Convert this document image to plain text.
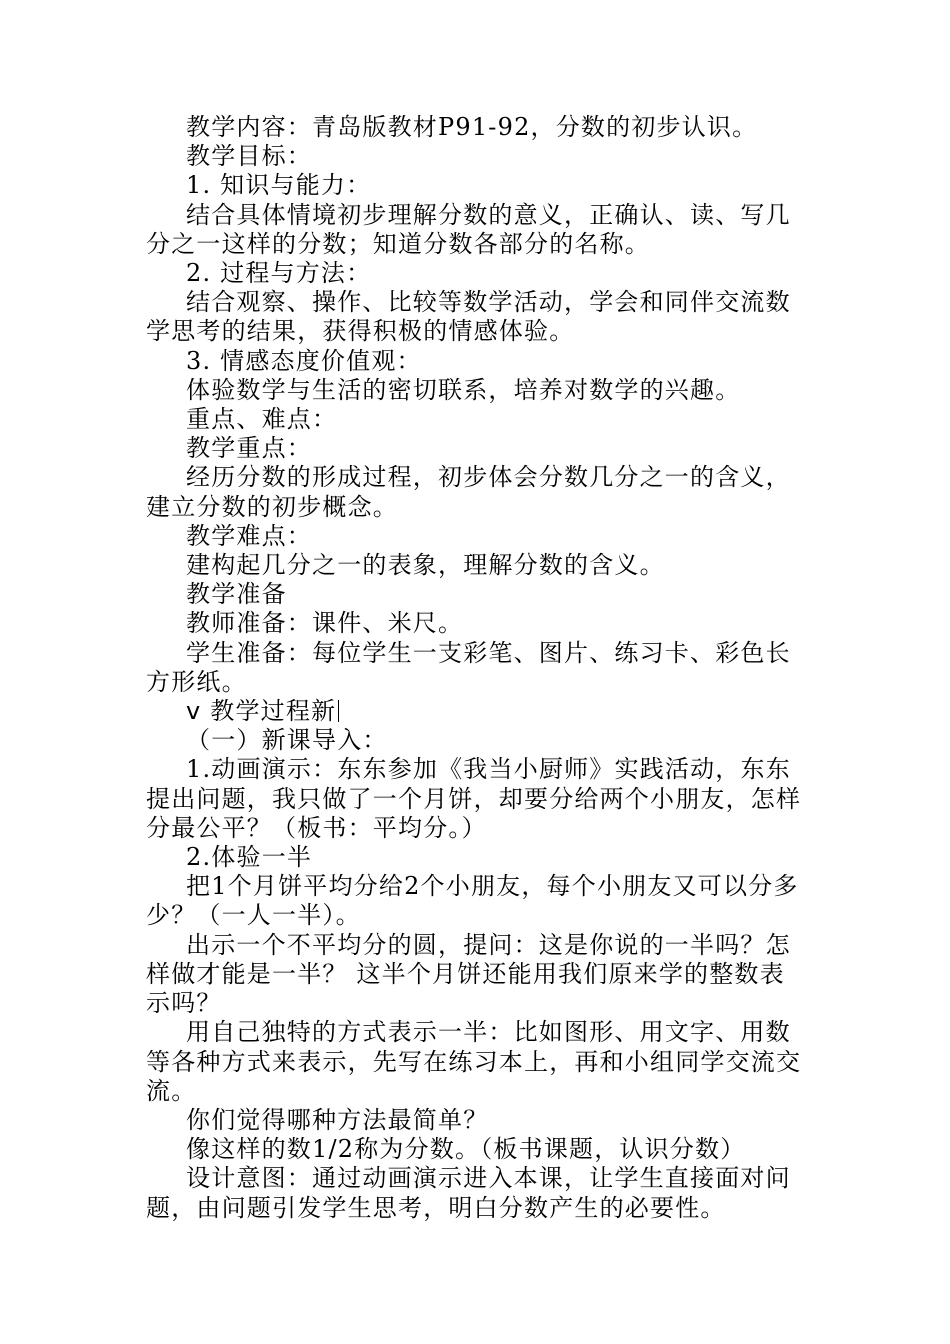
教学内容：青岛版教材P91-92，分数的初步认识。

教学目标：

1. 知识与能力：

结合具体情境初步理解分数的意义，正确认、读、写几分之一这样的分数；知道分数各部分的名称。

2. 过程与方法：

结合观察、操作、比较等数学活动，学会和同伴交流数学思考的结果，获得积极的情感体验。

3. 情感态度价值观：

体验数学与生活的密切联系，培养对数学的兴趣。

重点、难点：

教学重点：

经历分数的形成过程，初步体会分数几分之一的含义，建立分数的初步概念。

教学难点：

建构起几分之一的表象，理解分数的含义。

教学准备

教师准备：课件、米尺。

学生准备：每位学生一支彩笔、图片、练习卡、彩色长方形纸。

v 教学过程新

（一）新课导入：

1.动画演示：东东参加《我当小厨师》实践活动，东东提出问题，我只做了一个月饼，却要分给两个小朋友，怎样分最公平？（板书：平均分。）

2.体验一半

把1个月饼平均分给2个小朋友，每个小朋友又可以分多少？（一人一半）。

出示一个不平均分的圆，提问：这是你说的一半吗？怎样做才能是一半？ 这半个月饼还能用我们原来学的整数表示吗？

用自己独特的方式表示一半：比如图形、用文字、用数等各种方式来表示，先写在练习本上，再和小组同学交流交流。

你们觉得哪种方法最简单？

像这样的数1/2称为分数。（板书课题，认识分数）

设计意图：通过动画演示进入本课，让学生直接面对问题，由问题引发学生思考，明白分数产生的必要性。
